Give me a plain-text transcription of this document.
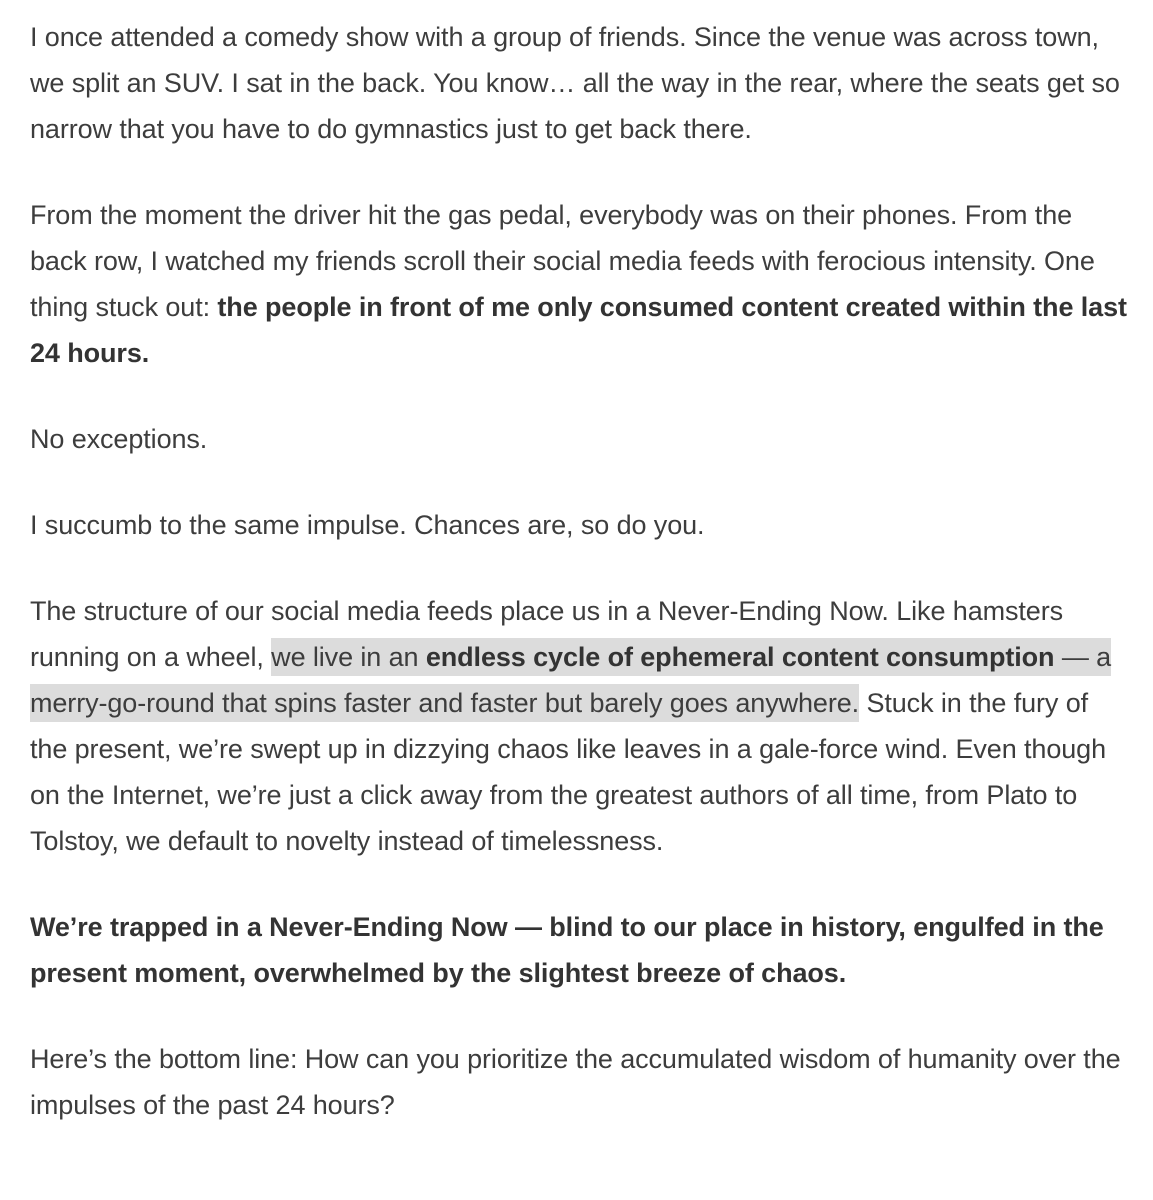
I once attended a comedy show with a group of friends. Since the venue was across town, we split an SUV. I sat in the back. You know… all the way in the rear, where the seats get so narrow that you have to do gymnastics just to get back there.

From the moment the driver hit the gas pedal, everybody was on their phones. From the back row, I watched my friends scroll their social media feeds with ferocious intensity. One thing stuck out: the people in front of me only consumed content created within the last 24 hours.

No exceptions.

I succumb to the same impulse. Chances are, so do you.

The structure of our social media feeds place us in a Never-Ending Now. Like hamsters running on a wheel, we live in an endless cycle of ephemeral content consumption — a merry-go-round that spins faster and faster but barely goes anywhere. Stuck in the fury of the present, we’re swept up in dizzying chaos like leaves in a gale-force wind. Even though on the Internet, we’re just a click away from the greatest authors of all time, from Plato to Tolstoy, we default to novelty instead of timelessness.

We’re trapped in a Never-Ending Now — blind to our place in history, engulfed in the present moment, overwhelmed by the slightest breeze of chaos.

Here’s the bottom line: How can you prioritize the accumulated wisdom of humanity over the impulses of the past 24 hours?
